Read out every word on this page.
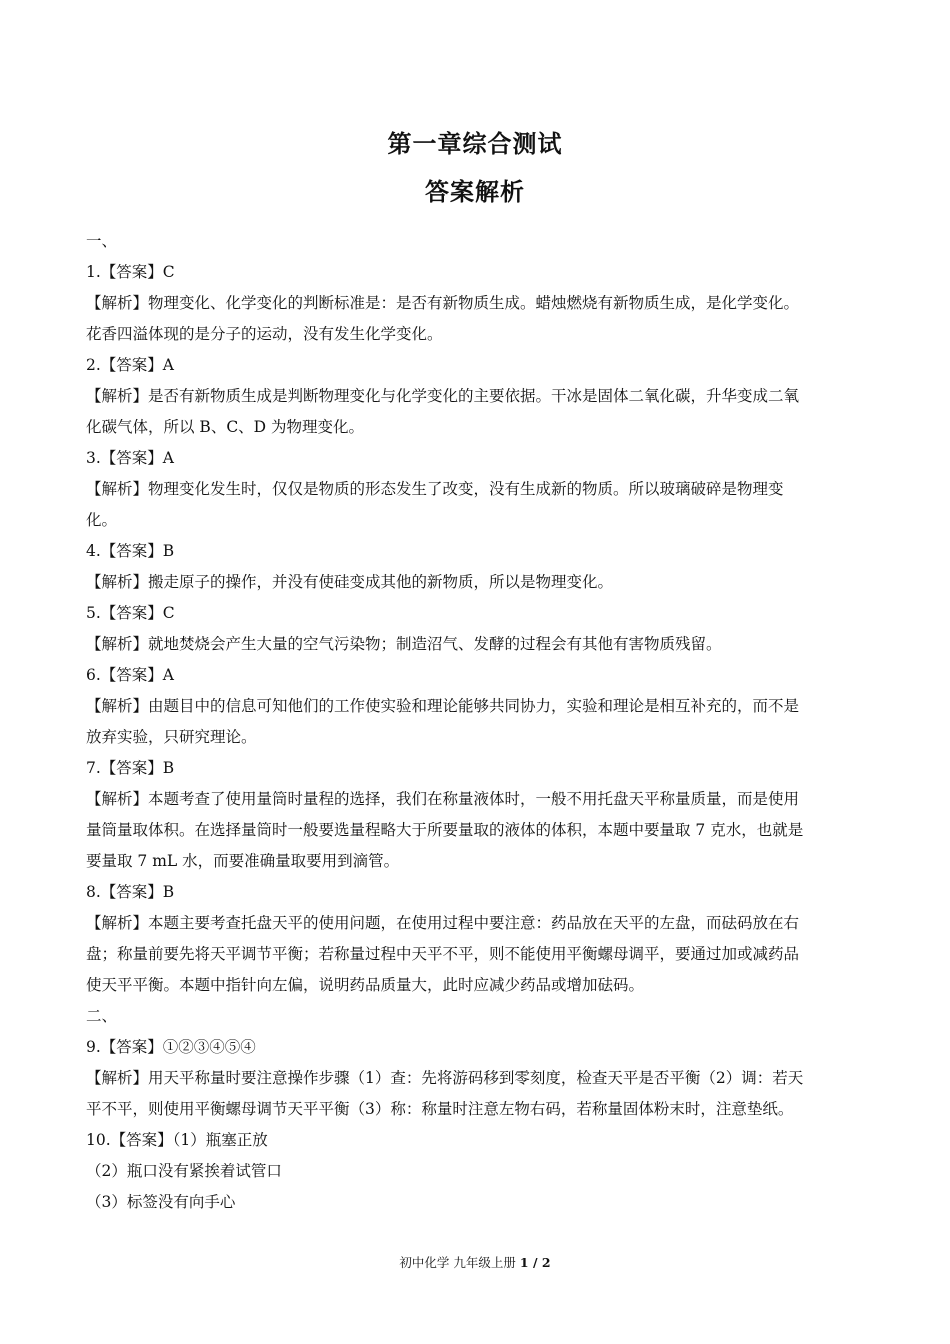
第一章综合测试
答案解析
一、
1.【答案】C
【解析】物理变化、化学变化的判断标准是：是否有新物质生成。蜡烛燃烧有新物质生成，是化学变化。
花香四溢体现的是分子的运动，没有发生化学变化。
2.【答案】A
【解析】是否有新物质生成是判断物理变化与化学变化的主要依据。干冰是固体二氧化碳，升华变成二氧
化碳气体，所以 B、C、D 为物理变化。
3.【答案】A
【解析】物理变化发生时，仅仅是物质的形态发生了改变，没有生成新的物质。所以玻璃破碎是物理变
化。
4.【答案】B
【解析】搬走原子的操作，并没有使硅变成其他的新物质，所以是物理变化。
5.【答案】C
【解析】就地焚烧会产生大量的空气污染物；制造沼气、发酵的过程会有其他有害物质残留。
6.【答案】A
【解析】由题目中的信息可知他们的工作使实验和理论能够共同协力，实验和理论是相互补充的，而不是
放弃实验，只研究理论。
7.【答案】B
【解析】本题考查了使用量筒时量程的选择，我们在称量液体时，一般不用托盘天平称量质量，而是使用
量筒量取体积。在选择量筒时一般要选量程略大于所要量取的液体的体积，本题中要量取 7 克水，也就是
要量取 7 mL 水，而要准确量取要用到滴管。
8.【答案】B
【解析】本题主要考查托盘天平的使用问题，在使用过程中要注意：药品放在天平的左盘，而砝码放在右
盘；称量前要先将天平调节平衡；若称量过程中天平不平，则不能使用平衡螺母调平，要通过加或减药品
使天平平衡。本题中指针向左偏，说明药品质量大，此时应减少药品或增加砝码。
二、
9.【答案】①②③④⑤④
【解析】用天平称量时要注意操作步骤（1）查：先将游码移到零刻度，检查天平是否平衡（2）调：若天
平不平，则使用平衡螺母调节天平平衡（3）称：称量时注意左物右码，若称量固体粉末时，注意垫纸。
10.【答案】（1）瓶塞正放
（2）瓶口没有紧挨着试管口
（3）标签没有向手心
初中化学 九年级上册 1 / 2
